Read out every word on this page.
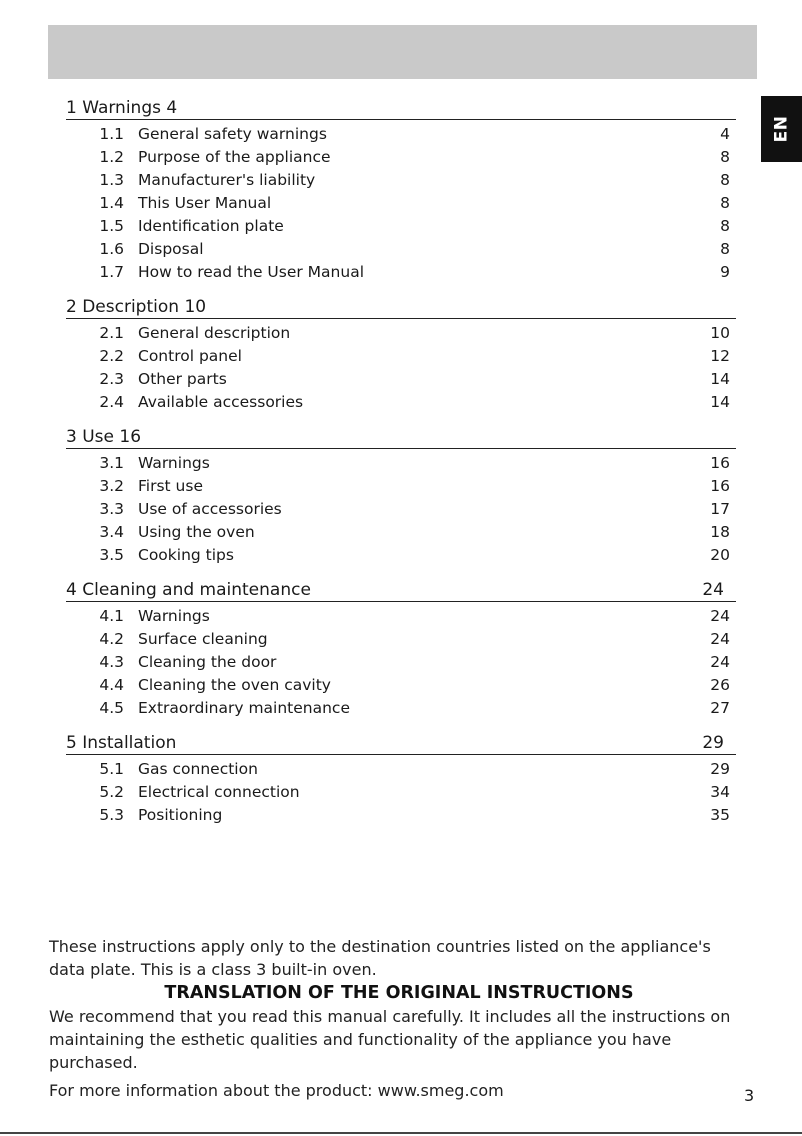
EN
1 Warnings 4
1.1 General safety warnings	4
1.2 Purpose of the appliance	8
1.3 Manufacturer's liability	8
1.4 This User Manual	8
1.5 Identification plate	8
1.6 Disposal	8
1.7 How to read the User Manual	9
2 Description 10
2.1 General description	10
2.2 Control panel	12
2.3 Other parts	14
2.4 Available accessories	14
3 Use 16
3.1 Warnings	16
3.2 First use	16
3.3 Use of accessories	17
3.4 Using the oven	18
3.5 Cooking tips	20
4 Cleaning and maintenance	24
4.1 Warnings	24
4.2 Surface cleaning	24
4.3 Cleaning the door	24
4.4 Cleaning the oven cavity	26
4.5 Extraordinary maintenance	27
5 Installation	29
5.1 Gas connection	29
5.2 Electrical connection	34
5.3 Positioning	35

These instructions apply only to the destination countries listed on the appliance's data plate. This is a class 3 built-in oven.

TRANSLATION OF THE ORIGINAL INSTRUCTIONS

We recommend that you read this manual carefully. It includes all the instructions on maintaining the esthetic qualities and functionality of the appliance you have purchased.

For more information about the product: www.smeg.com	3
